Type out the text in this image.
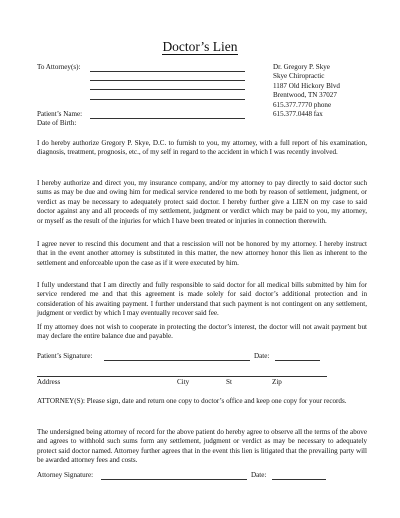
Doctor’s Lien
To Attorney(s):
Patient’s Name:
Date of Birth:
Dr. Gregory P. Skye
Skye Chiropractic
1187 Old Hickory Blvd
Brentwood, TN 37027
615.377.7770 phone
615.377.0448 fax
I do hereby authorize Gregory P. Skye, D.C. to furnish to you, my attorney, with a full report of his examination, diagnosis, treatment, prognosis, etc., of my self in regard to the accident in which I was recently involved.
I hereby authorize and direct you, my insurance company, and/or my attorney to pay directly to said doctor such sums as may be due and owing him for medical service rendered to me both by reason of settlement, judgment, or verdict as may be necessary to adequately protect said doctor. I hereby further give a LIEN on my case to said doctor against any and all proceeds of my settlement, judgment or verdict which may be paid to you, my attorney, or myself as the result of the injuries for which I have been treated or injuries in connection therewith.
I agree never to rescind this document and that a rescission will not be honored by my attorney. I hereby instruct that in the event another attorney is substituted in this matter, the new attorney honor this lien as inherent to the settlement and enforceable upon the case as if it were executed by him.
I fully understand that I am directly and fully responsible to said doctor for all medical bills submitted by him for service rendered me and that this agreement is made solely for said doctor’s additional protection and in consideration of his awaiting payment. I further understand that such payment is not contingent on any settlement, judgment or verdict by which I may eventually recover said fee.
If my attorney does not wish to cooperate in protecting the doctor’s interest, the doctor will not await payment but may declare the entire balance due and payable.
Patient’s Signature:	Date:
Address	City	St	Zip
ATTORNEY(S): Please sign, date and return one copy to doctor’s office and keep one copy for your records.
The undersigned being attorney of record for the above patient do hereby agree to observe all the terms of the above and agrees to withhold such sums form any settlement, judgment or verdict as may be necessary to adequately protect said doctor named. Attorney further agrees that in the event this lien is litigated that the prevailing party will be awarded attorney fees and costs.
Attorney Signature:	Date:
